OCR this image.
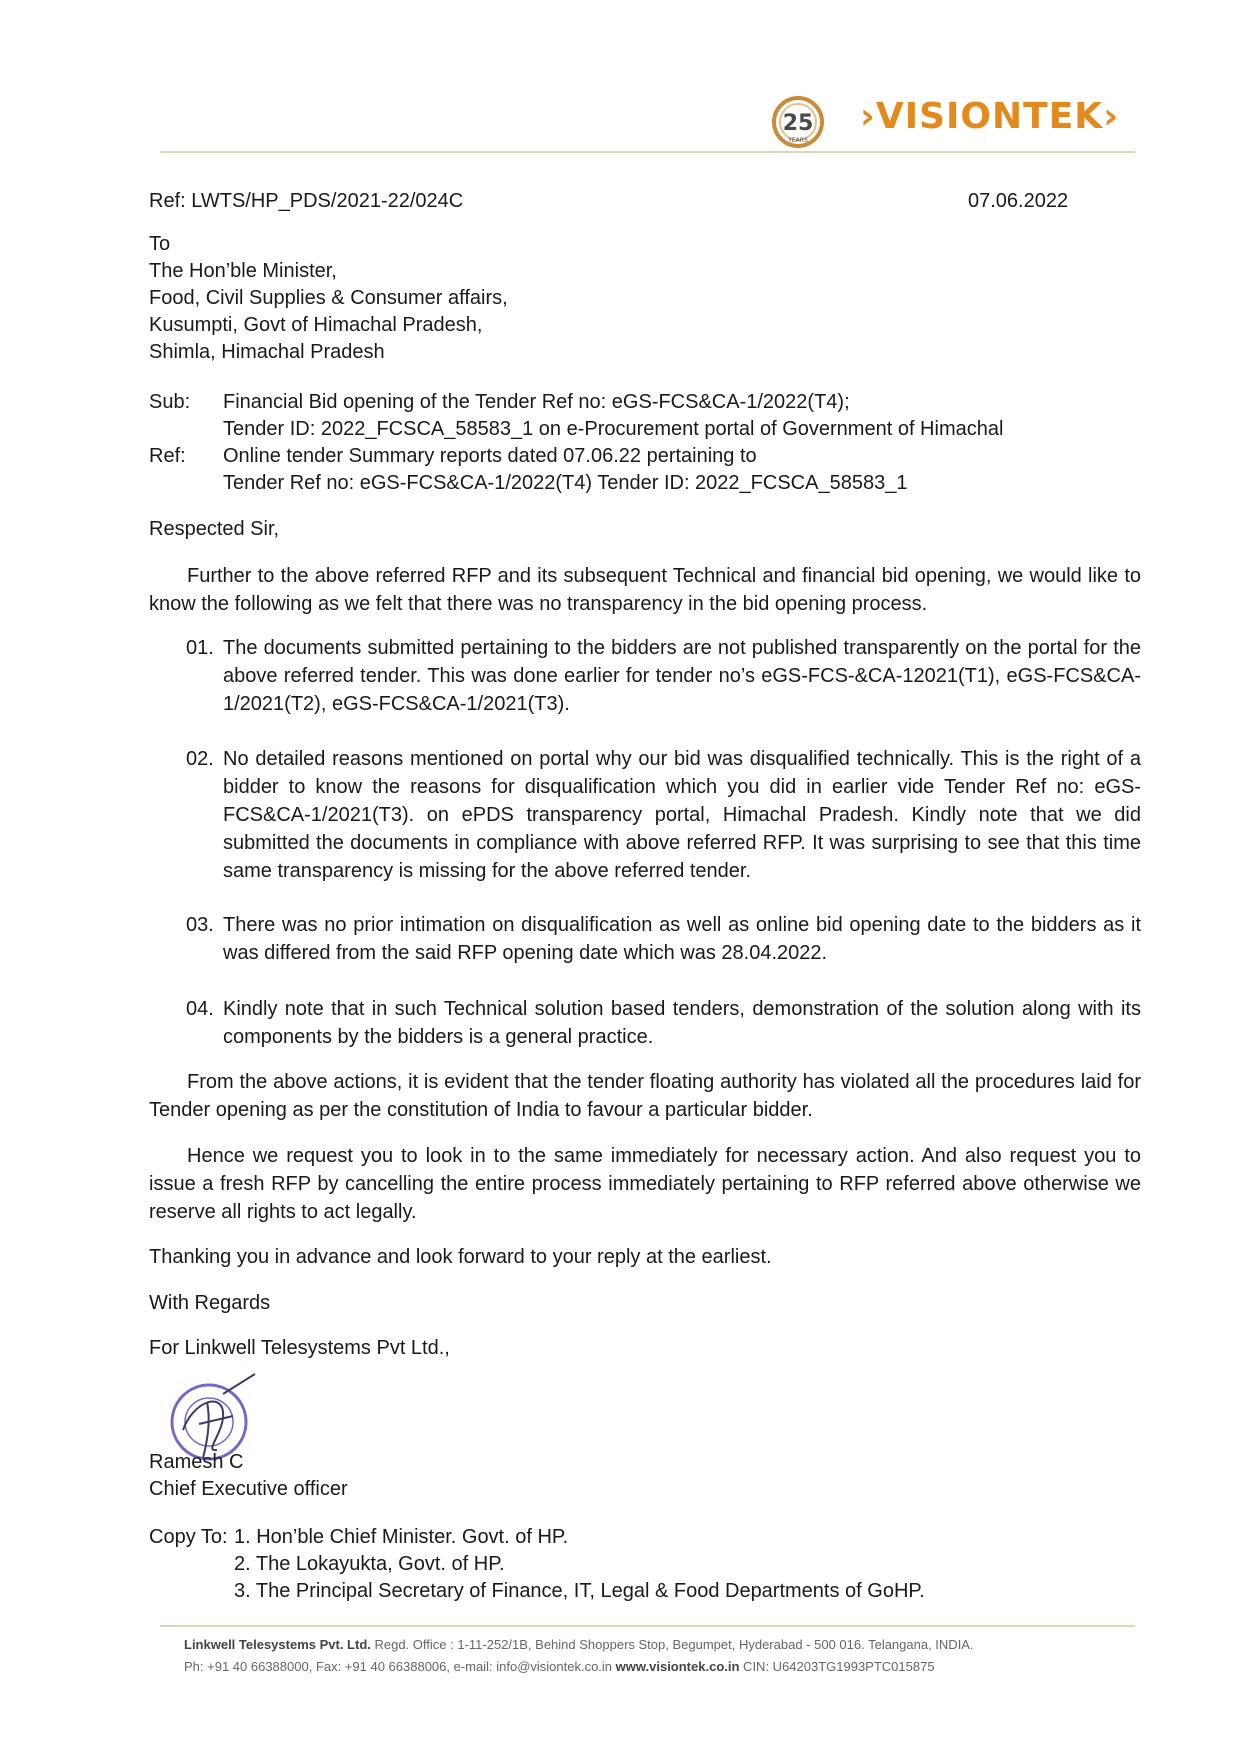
25
YEARS
›VISIONTEK›
Ref: LWTS/HP_PDS/2021-22/024C	07.06.2022
To
The Hon’ble Minister,
Food, Civil Supplies & Consumer affairs,
Kusumpti, Govt of Himachal Pradesh,
Shimla, Himachal Pradesh
Sub: Financial Bid opening of the Tender Ref no: eGS-FCS&CA-1/2022(T4);
Tender ID: 2022_FCSCA_58583_1 on e-Procurement portal of Government of Himachal
Ref: Online tender Summary reports dated 07.06.22 pertaining to
Tender Ref no: eGS-FCS&CA-1/2022(T4) Tender ID: 2022_FCSCA_58583_1
Respected Sir,
Further to the above referred RFP and its subsequent Technical and financial bid opening, we would like to know the following as we felt that there was no transparency in the bid opening process.
01. The documents submitted pertaining to the bidders are not published transparently on the portal for the above referred tender. This was done earlier for tender no’s eGS-FCS-&CA-12021(T1), eGS-FCS&CA-1/2021(T2), eGS-FCS&CA-1/2021(T3).
02. No detailed reasons mentioned on portal why our bid was disqualified technically. This is the right of a bidder to know the reasons for disqualification which you did in earlier vide Tender Ref no: eGS-FCS&CA-1/2021(T3). on ePDS transparency portal, Himachal Pradesh. Kindly note that we did submitted the documents in compliance with above referred RFP. It was surprising to see that this time same transparency is missing for the above referred tender.
03. There was no prior intimation on disqualification as well as online bid opening date to the bidders as it was differed from the said RFP opening date which was 28.04.2022.
04. Kindly note that in such Technical solution based tenders, demonstration of the solution along with its components by the bidders is a general practice.
From the above actions, it is evident that the tender floating authority has violated all the procedures laid for Tender opening as per the constitution of India to favour a particular bidder.
Hence we request you to look in to the same immediately for necessary action. And also request you to issue a fresh RFP by cancelling the entire process immediately pertaining to RFP referred above otherwise we reserve all rights to act legally.
Thanking you in advance and look forward to your reply at the earliest.
With Regards
For Linkwell Telesystems Pvt Ltd.,
Ramesh C
Chief Executive officer
Copy To: 1. Hon’ble Chief Minister. Govt. of HP.
2. The Lokayukta, Govt. of HP.
3. The Principal Secretary of Finance, IT, Legal & Food Departments of GoHP.
Linkwell Telesystems Pvt. Ltd. Regd. Office : 1-11-252/1B, Behind Shoppers Stop, Begumpet, Hyderabad - 500 016. Telangana, INDIA.
Ph: +91 40 66388000, Fax: +91 40 66388006, e-mail: info@visiontek.co.in www.visiontek.co.in CIN: U64203TG1993PTC015875
